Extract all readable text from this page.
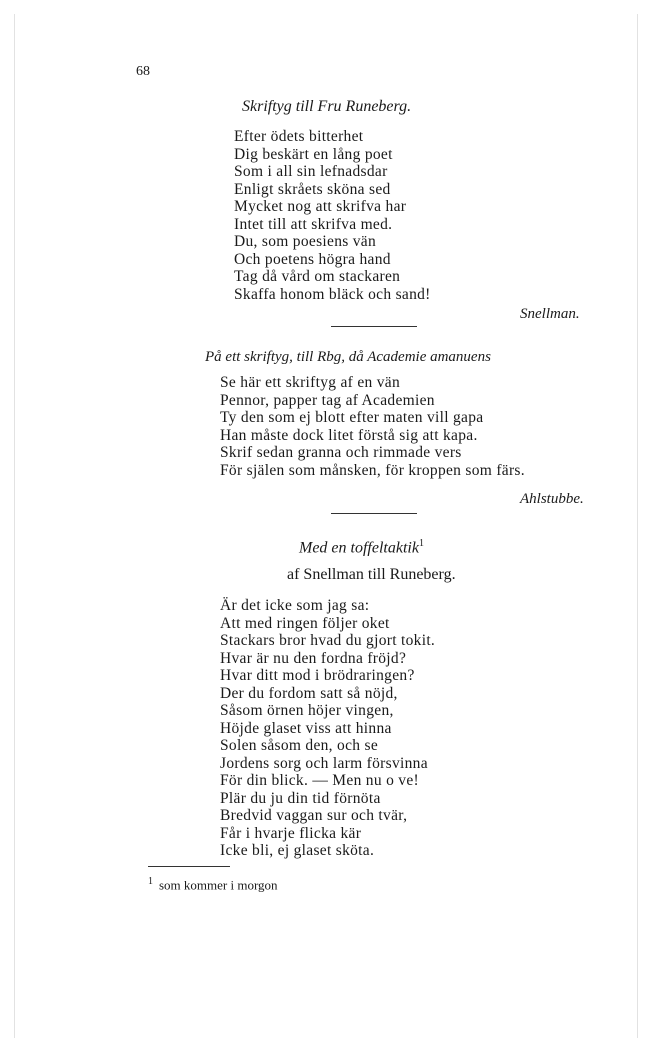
68
Skriftyg till Fru Runeberg.
Efter ödets bitterhet
Dig beskärt en lång poet
Som i all sin lefnadsdar
Enligt skråets sköna sed
Mycket nog att skrifva har
Intet till att skrifva med.
Du, som poesiens vän
Och poetens högra hand
Tag då vård om stackaren
Skaffa honom bläck och sand!
Snellman.
På ett skriftyg, till Rbg, då Academie amanuens
Se här ett skriftyg af en vän
Pennor, papper tag af Academien
Ty den som ej blott efter maten vill gapa
Han måste dock litet förstå sig att kapa.
Skrif sedan granna och rimmade vers
För själen som månsken, för kroppen som färs.
Ahlstubbe.
Med en toffeltaktik$^1$
af Snellman till Runeberg.
Är det icke som jag sa:
Att med ringen följer oket
Stackars bror hvad du gjort tokit.
Hvar är nu den fordna fröjd?
Hvar ditt mod i brödraringen?
Der du fordom satt så nöjd,
Såsom örnen höjer vingen,
Höjde glaset viss att hinna
Solen såsom den, och se
Jordens sorg och larm försvinna
För din blick. — Men nu o ve!
Plär du ju din tid förnöta
Bredvid vaggan sur och tvär,
Får i hvarje flicka kär
Icke bli, ej glaset sköta.
$^1$ som kommer i morgon
